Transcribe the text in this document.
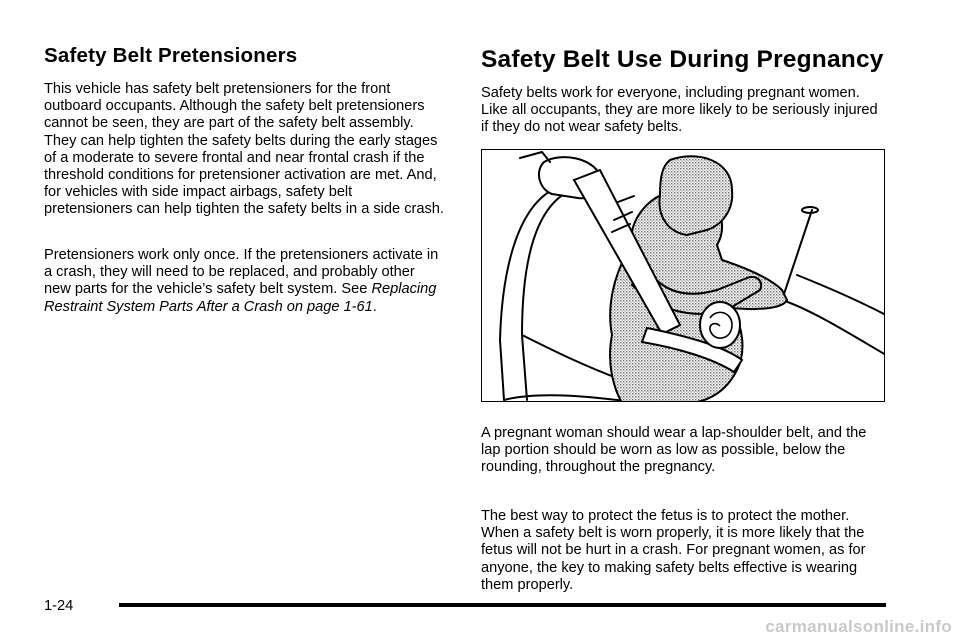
Safety Belt Pretensioners

This vehicle has safety belt pretensioners for the front outboard occupants. Although the safety belt pretensioners cannot be seen, they are part of the safety belt assembly. They can help tighten the safety belts during the early stages of a moderate to severe frontal and near frontal crash if the threshold conditions for pretensioner activation are met. And, for vehicles with side impact airbags, safety belt pretensioners can help tighten the safety belts in a side crash.

Pretensioners work only once. If the pretensioners activate in a crash, they will need to be replaced, and probably other new parts for the vehicle’s safety belt system. See Replacing Restraint System Parts After a Crash on page 1-61.

Safety Belt Use During Pregnancy

Safety belts work for everyone, including pregnant women. Like all occupants, they are more likely to be seriously injured if they do not wear safety belts.

A pregnant woman should wear a lap-shoulder belt, and the lap portion should be worn as low as possible, below the rounding, throughout the pregnancy.

The best way to protect the fetus is to protect the mother. When a safety belt is worn properly, it is more likely that the fetus will not be hurt in a crash. For pregnant women, as for anyone, the key to making safety belts effective is wearing them properly.

1-24
carmanualsonline.info
